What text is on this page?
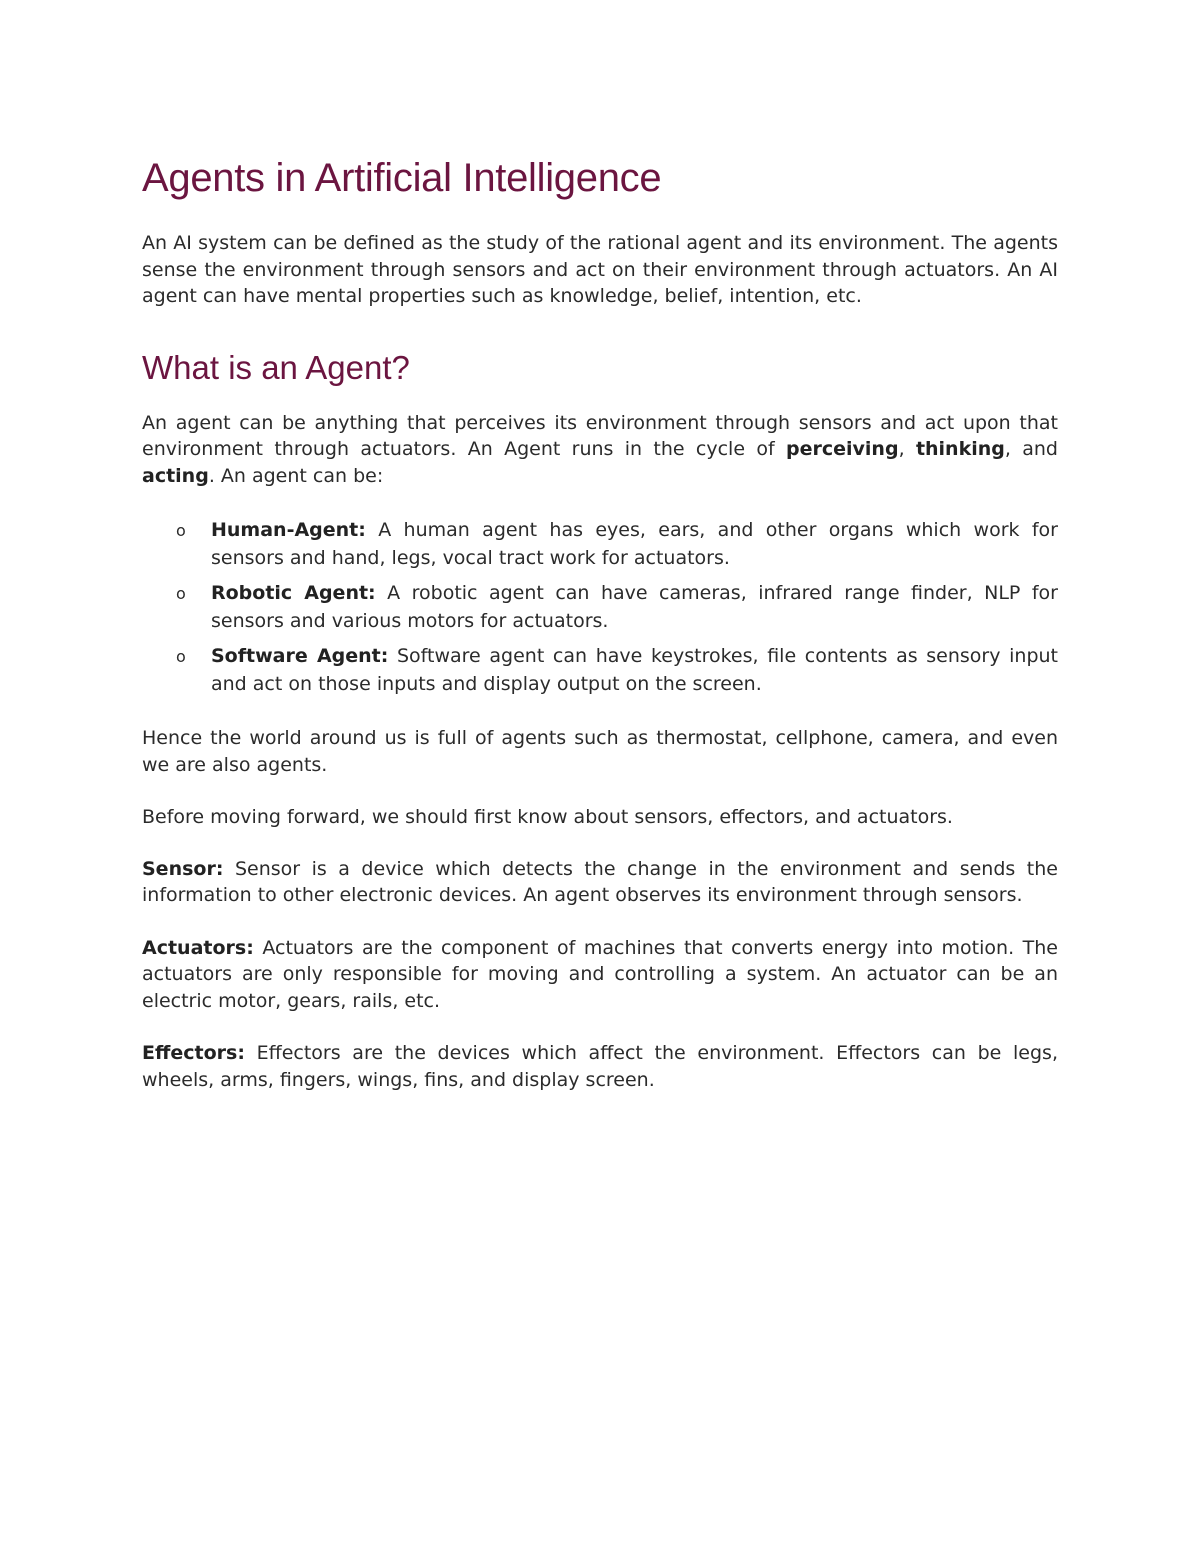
Agents in Artificial Intelligence

An AI system can be defined as the study of the rational agent and its environment. The agents sense the environment through sensors and act on their environment through actuators. An AI agent can have mental properties such as knowledge, belief, intention, etc.

What is an Agent?

An agent can be anything that perceives its environment through sensors and act upon that environment through actuators. An Agent runs in the cycle of perceiving, thinking, and acting. An agent can be:

o Human-Agent: A human agent has eyes, ears, and other organs which work for sensors and hand, legs, vocal tract work for actuators.
o Robotic Agent: A robotic agent can have cameras, infrared range finder, NLP for sensors and various motors for actuators.
o Software Agent: Software agent can have keystrokes, file contents as sensory input and act on those inputs and display output on the screen.

Hence the world around us is full of agents such as thermostat, cellphone, camera, and even we are also agents.

Before moving forward, we should first know about sensors, effectors, and actuators.

Sensor: Sensor is a device which detects the change in the environment and sends the information to other electronic devices. An agent observes its environment through sensors.

Actuators: Actuators are the component of machines that converts energy into motion. The actuators are only responsible for moving and controlling a system. An actuator can be an electric motor, gears, rails, etc.

Effectors: Effectors are the devices which affect the environment. Effectors can be legs, wheels, arms, fingers, wings, fins, and display screen.
